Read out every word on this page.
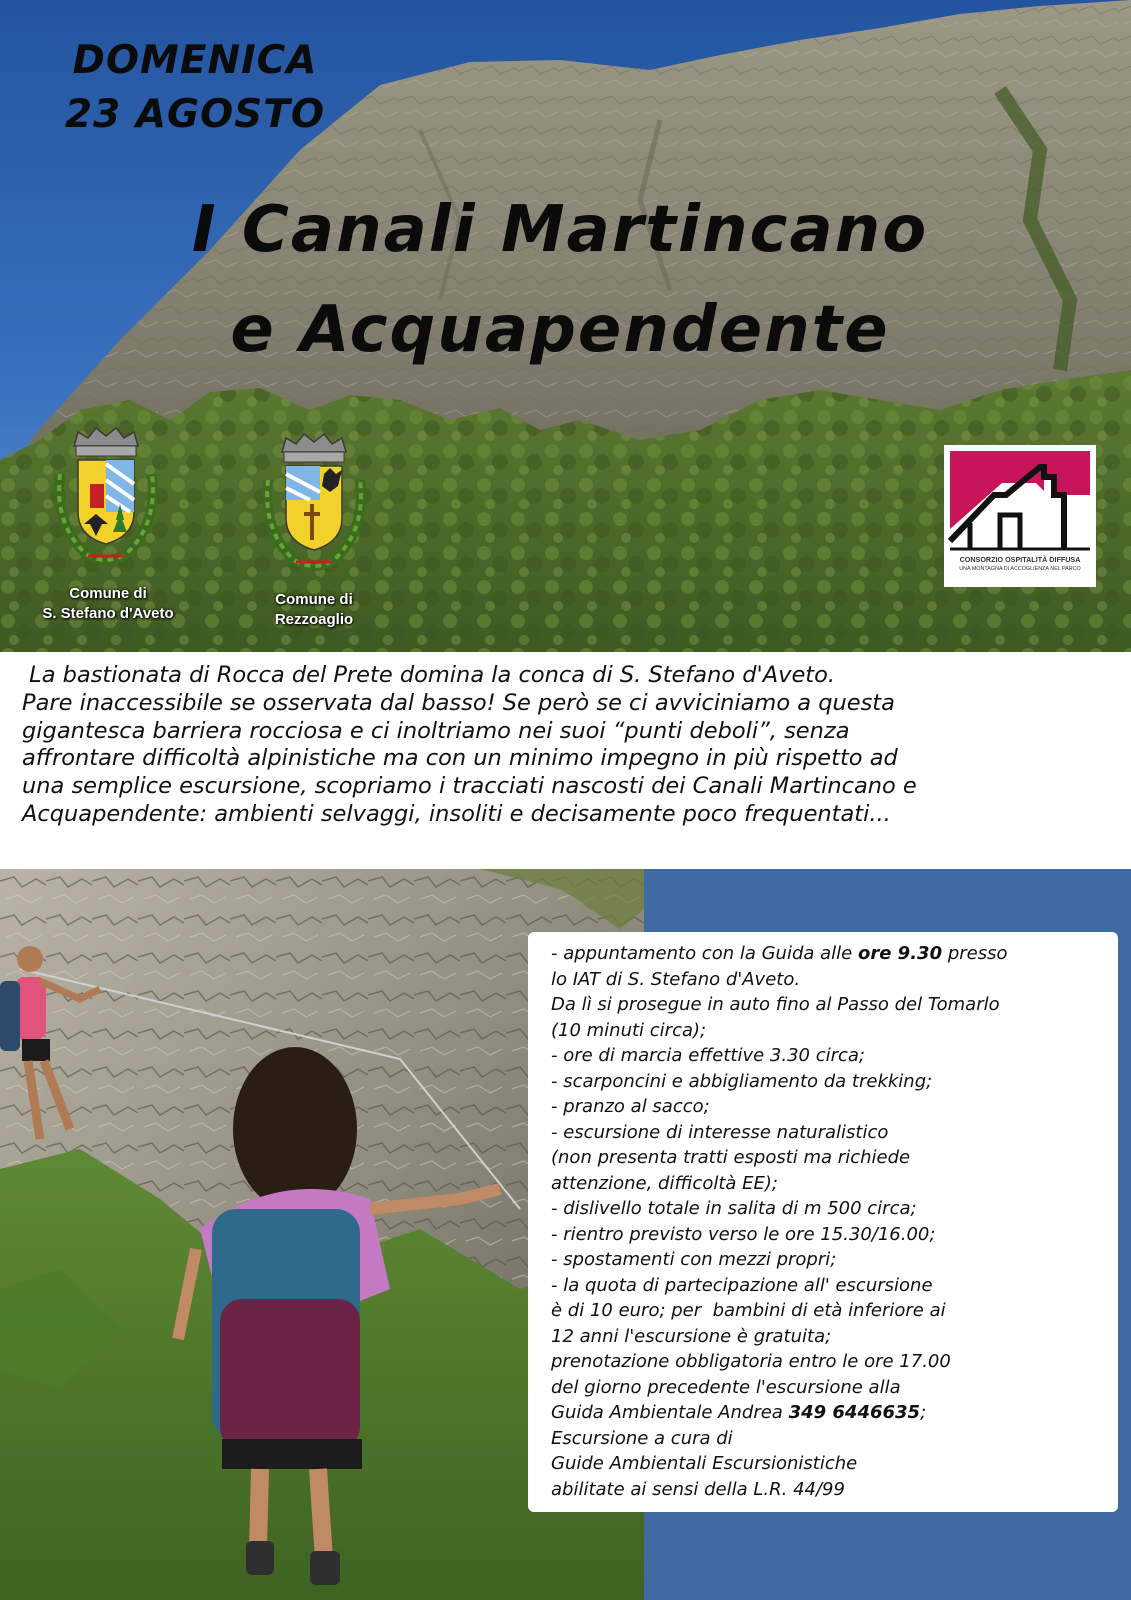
DOMENICA
23 AGOSTO
I Canali Martincano
e Acquapendente
Comune di
S. Stefano d'Aveto
Comune di
Rezzoaglio
CONSORZIO OSPITALITÀ DIFFUSA
UNA MONTAGNA DI ACCOGLIENZA NEL PARCO
La bastionata di Rocca del Prete domina la conca di S. Stefano d'Aveto.
Pare inaccessibile se osservata dal basso! Se però se ci avviciniamo a questa
gigantesca barriera rocciosa e ci inoltriamo nei suoi “punti deboli”, senza
affrontare difficoltà alpinistiche ma con un minimo impegno in più rispetto ad
una semplice escursione, scopriamo i tracciati nascosti dei Canali Martincano e
Acquapendente: ambienti selvaggi, insoliti e decisamente poco frequentati...
- appuntamento con la Guida alle ore 9.30 presso
lo IAT di S. Stefano d'Aveto.
Da lì si prosegue in auto fino al Passo del Tomarlo
(10 minuti circa);
- ore di marcia effettive 3.30 circa;
- scarponcini e abbigliamento da trekking;
- pranzo al sacco;
- escursione di interesse naturalistico
(non presenta tratti esposti ma richiede
attenzione, difficoltà EE);
- dislivello totale in salita di m 500 circa;
- rientro previsto verso le ore 15.30/16.00;
- spostamenti con mezzi propri;
- la quota di partecipazione all' escursione
è di 10 euro; per  bambini di età inferiore ai
12 anni l'escursione è gratuita;
prenotazione obbligatoria entro le ore 17.00
del giorno precedente l'escursione alla
Guida Ambientale Andrea 349 6446635;
Escursione a cura di
Guide Ambientali Escursionistiche
abilitate ai sensi della L.R. 44/99
